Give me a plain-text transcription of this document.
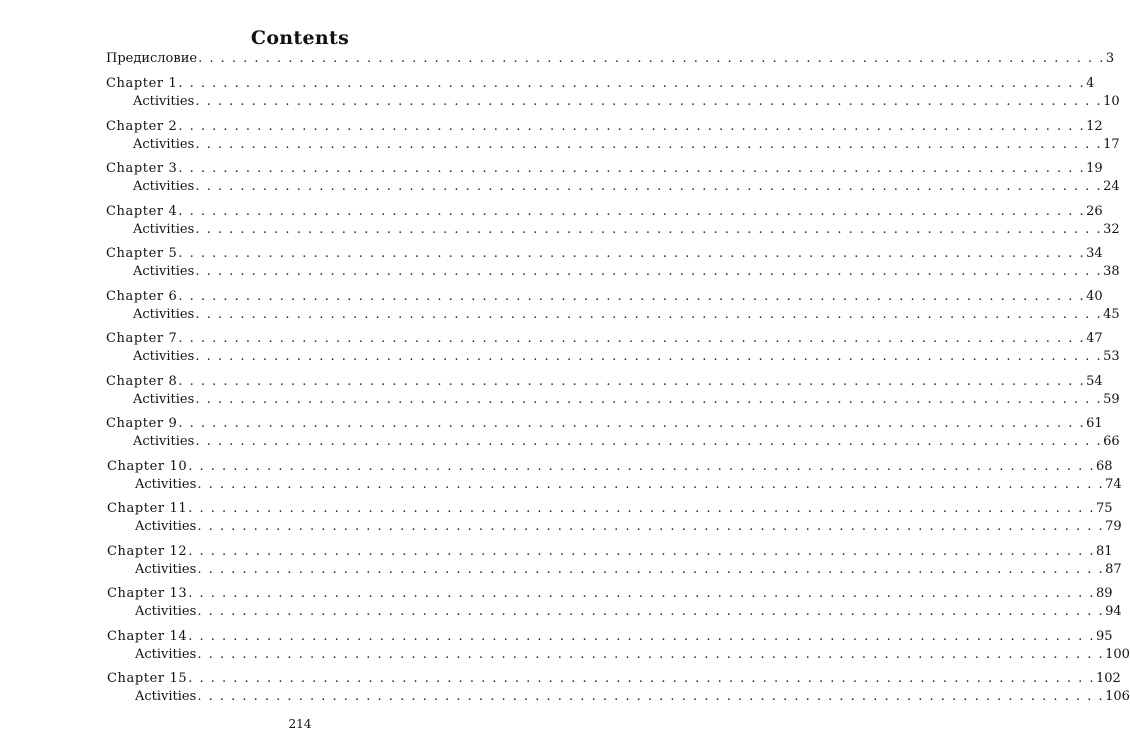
Contents
Предисловие . . . . . . . . . . . . . . . . . . . . . . . . . . . . . . . . . . . . . . . . . . . . . . . . . . . . . . . . . . . . . . . . . . . . . . . . . . . . . . . . . 3
Chapter 1 . . . . . . . . . . . . . . . . . . . . . . . . . . . . . . . . . . . . . . . . . . . . . . . . . . . . . . . . . . . . . . . . . . . . . . . . . . . . . . . . . 4
Activities . . . . . . . . . . . . . . . . . . . . . . . . . . . . . . . . . . . . . . . . . . . . . . . . . . . . . . . . . . . . . . . . . . . . . . . . . . . . . . . . . 10
Chapter 2 . . . . . . . . . . . . . . . . . . . . . . . . . . . . . . . . . . . . . . . . . . . . . . . . . . . . . . . . . . . . . . . . . . . . . . . . . . . . . . . . . 12
Activities . . . . . . . . . . . . . . . . . . . . . . . . . . . . . . . . . . . . . . . . . . . . . . . . . . . . . . . . . . . . . . . . . . . . . . . . . . . . . . . . . 17
Chapter 3 . . . . . . . . . . . . . . . . . . . . . . . . . . . . . . . . . . . . . . . . . . . . . . . . . . . . . . . . . . . . . . . . . . . . . . . . . . . . . . . . . 19
Activities . . . . . . . . . . . . . . . . . . . . . . . . . . . . . . . . . . . . . . . . . . . . . . . . . . . . . . . . . . . . . . . . . . . . . . . . . . . . . . . . . 24
Chapter 4 . . . . . . . . . . . . . . . . . . . . . . . . . . . . . . . . . . . . . . . . . . . . . . . . . . . . . . . . . . . . . . . . . . . . . . . . . . . . . . . . . 26
Activities . . . . . . . . . . . . . . . . . . . . . . . . . . . . . . . . . . . . . . . . . . . . . . . . . . . . . . . . . . . . . . . . . . . . . . . . . . . . . . . . . 32
Chapter 5 . . . . . . . . . . . . . . . . . . . . . . . . . . . . . . . . . . . . . . . . . . . . . . . . . . . . . . . . . . . . . . . . . . . . . . . . . . . . . . . . . 34
Activities . . . . . . . . . . . . . . . . . . . . . . . . . . . . . . . . . . . . . . . . . . . . . . . . . . . . . . . . . . . . . . . . . . . . . . . . . . . . . . . . . 38
Chapter 6 . . . . . . . . . . . . . . . . . . . . . . . . . . . . . . . . . . . . . . . . . . . . . . . . . . . . . . . . . . . . . . . . . . . . . . . . . . . . . . . . . 40
Activities . . . . . . . . . . . . . . . . . . . . . . . . . . . . . . . . . . . . . . . . . . . . . . . . . . . . . . . . . . . . . . . . . . . . . . . . . . . . . . . . . 45
Chapter 7 . . . . . . . . . . . . . . . . . . . . . . . . . . . . . . . . . . . . . . . . . . . . . . . . . . . . . . . . . . . . . . . . . . . . . . . . . . . . . . . . . 47
Activities . . . . . . . . . . . . . . . . . . . . . . . . . . . . . . . . . . . . . . . . . . . . . . . . . . . . . . . . . . . . . . . . . . . . . . . . . . . . . . . . . 53
Chapter 8 . . . . . . . . . . . . . . . . . . . . . . . . . . . . . . . . . . . . . . . . . . . . . . . . . . . . . . . . . . . . . . . . . . . . . . . . . . . . . . . . . 54
Activities . . . . . . . . . . . . . . . . . . . . . . . . . . . . . . . . . . . . . . . . . . . . . . . . . . . . . . . . . . . . . . . . . . . . . . . . . . . . . . . . . 59
Chapter 9 . . . . . . . . . . . . . . . . . . . . . . . . . . . . . . . . . . . . . . . . . . . . . . . . . . . . . . . . . . . . . . . . . . . . . . . . . . . . . . . . . 61
Activities . . . . . . . . . . . . . . . . . . . . . . . . . . . . . . . . . . . . . . . . . . . . . . . . . . . . . . . . . . . . . . . . . . . . . . . . . . . . . . . . . 66
Chapter 10 . . . . . . . . . . . . . . . . . . . . . . . . . . . . . . . . . . . . . . . . . . . . . . . . . . . . . . . . . . . . . . . . . . . . . . . . . . . . . . . . . 68
Activities . . . . . . . . . . . . . . . . . . . . . . . . . . . . . . . . . . . . . . . . . . . . . . . . . . . . . . . . . . . . . . . . . . . . . . . . . . . . . . . . . 74
Chapter 11 . . . . . . . . . . . . . . . . . . . . . . . . . . . . . . . . . . . . . . . . . . . . . . . . . . . . . . . . . . . . . . . . . . . . . . . . . . . . . . . . . 75
Activities . . . . . . . . . . . . . . . . . . . . . . . . . . . . . . . . . . . . . . . . . . . . . . . . . . . . . . . . . . . . . . . . . . . . . . . . . . . . . . . . . 79
Chapter 12 . . . . . . . . . . . . . . . . . . . . . . . . . . . . . . . . . . . . . . . . . . . . . . . . . . . . . . . . . . . . . . . . . . . . . . . . . . . . . . . . . 81
Activities . . . . . . . . . . . . . . . . . . . . . . . . . . . . . . . . . . . . . . . . . . . . . . . . . . . . . . . . . . . . . . . . . . . . . . . . . . . . . . . . . 87
Chapter 13 . . . . . . . . . . . . . . . . . . . . . . . . . . . . . . . . . . . . . . . . . . . . . . . . . . . . . . . . . . . . . . . . . . . . . . . . . . . . . . . . . 89
Activities . . . . . . . . . . . . . . . . . . . . . . . . . . . . . . . . . . . . . . . . . . . . . . . . . . . . . . . . . . . . . . . . . . . . . . . . . . . . . . . . . 94
Chapter 14 . . . . . . . . . . . . . . . . . . . . . . . . . . . . . . . . . . . . . . . . . . . . . . . . . . . . . . . . . . . . . . . . . . . . . . . . . . . . . . . . . 95
Activities . . . . . . . . . . . . . . . . . . . . . . . . . . . . . . . . . . . . . . . . . . . . . . . . . . . . . . . . . . . . . . . . . . . . . . . . . . . . . . . . . 100
Chapter 15 . . . . . . . . . . . . . . . . . . . . . . . . . . . . . . . . . . . . . . . . . . . . . . . . . . . . . . . . . . . . . . . . . . . . . . . . . . . . . . . . . 102
Activities . . . . . . . . . . . . . . . . . . . . . . . . . . . . . . . . . . . . . . . . . . . . . . . . . . . . . . . . . . . . . . . . . . . . . . . . . . . . . . . . . 106
214
